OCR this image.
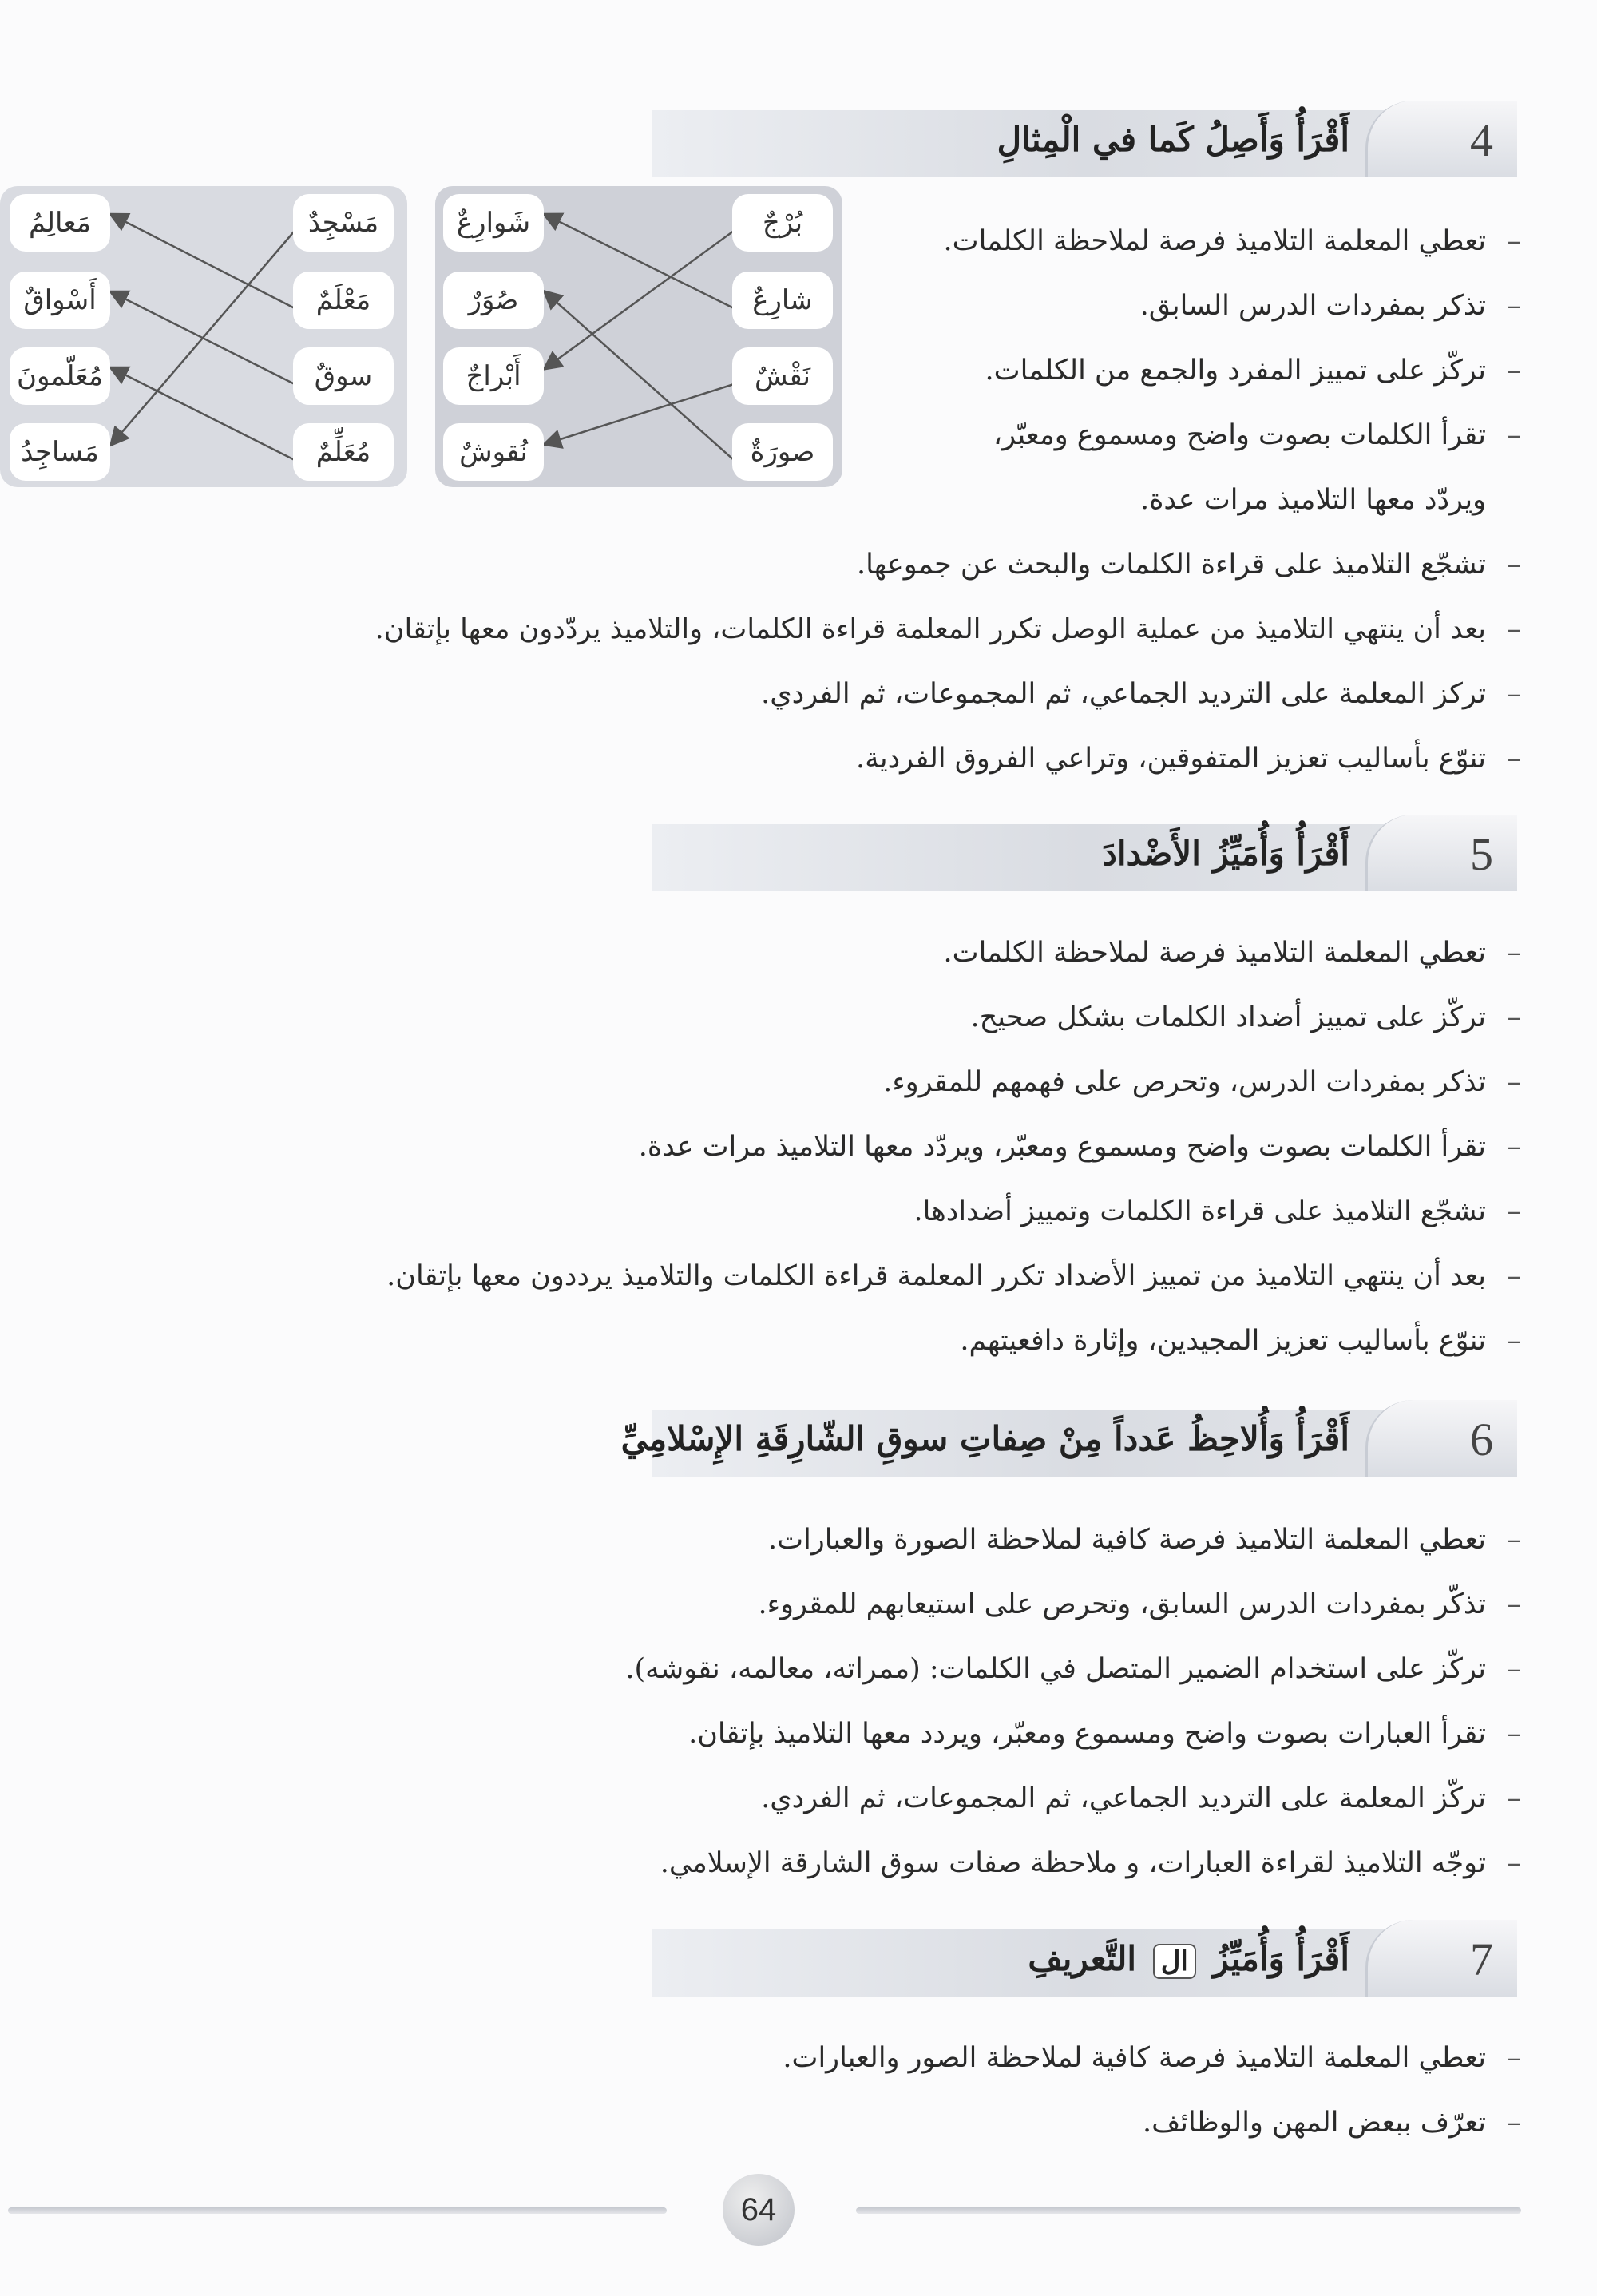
4
أَقْرَأُ وَأَصِلُ كَما في الْمِثالِ
مَسْجِدٌ
مَعْلَمٌ
سوقٌ
مُعَلِّمٌ
مَعالِمُ
أَسْواقٌ
مُعَلّمونَ
مَساجِدُ
بُرْجٌ
شارِعٌ
نَقْشٌ
صورَةٌ
شَوارِعٌ
صُوَرٌ
أَبْراجٌ
نُقوشٌ
–تعطي المعلمة التلاميذ فرصة لملاحظة الكلمات.
–تذكر بمفردات الدرس السابق.
–تركّز على تمييز المفرد والجمع من الكلمات.
–تقرأ الكلمات بصوت واضح ومسموع ومعبّر،
ويردّد معها التلاميذ مرات عدة.
–تشجّع التلاميذ على قراءة الكلمات والبحث عن جموعها.
–بعد أن ينتهي التلاميذ من عملية الوصل تكرر المعلمة قراءة الكلمات، والتلاميذ يردّدون معها بإتقان.
–تركز المعلمة على الترديد الجماعي، ثم المجموعات، ثم الفردي.
–تنوّع بأساليب تعزيز المتفوقين، وتراعي الفروق الفردية.
5
أَقْرَأُ وَأُمَيِّزُ الأَضْدادَ
–تعطي المعلمة التلاميذ فرصة لملاحظة الكلمات.
–تركّز على تمييز أضداد الكلمات بشكل صحيح.
–تذكر بمفردات الدرس، وتحرص على فهمهم للمقروء.
–تقرأ الكلمات بصوت واضح ومسموع ومعبّر، ويردّد معها التلاميذ مرات عدة.
–تشجّع التلاميذ على قراءة الكلمات وتمييز أضدادها.
–بعد أن ينتهي التلاميذ من تمييز الأضداد تكرر المعلمة قراءة الكلمات والتلاميذ يرددون معها بإتقان.
–تنوّع بأساليب تعزيز المجيدين، وإثارة دافعيتهم.
6
أَقْرَأُ وَأُلاحِظُ عَدداً مِنْ صِفاتِ سوقِ الشّارِقَةِ الإِسْلامِيِّ
–تعطي المعلمة التلاميذ فرصة كافية لملاحظة الصورة والعبارات.
–تذكّر بمفردات الدرس السابق، وتحرص على استيعابهم للمقروء.
–تركّز على استخدام الضمير المتصل في الكلمات: (ممراته، معالمه، نقوشه).
–تقرأ العبارات بصوت واضح ومسموع ومعبّر، ويردد معها التلاميذ بإتقان.
–تركّز المعلمة على الترديد الجماعي، ثم المجموعات، ثم الفردي.
–توجّه التلاميذ لقراءة العبارات، و ملاحظة صفات سوق الشارقة الإسلامي.
7
أَقْرَأُ وَأُمَيِّزُ ال التَّعريفِ
–تعطي المعلمة التلاميذ فرصة كافية لملاحظة الصور والعبارات.
–تعرّف ببعض المهن والوظائف.
64
